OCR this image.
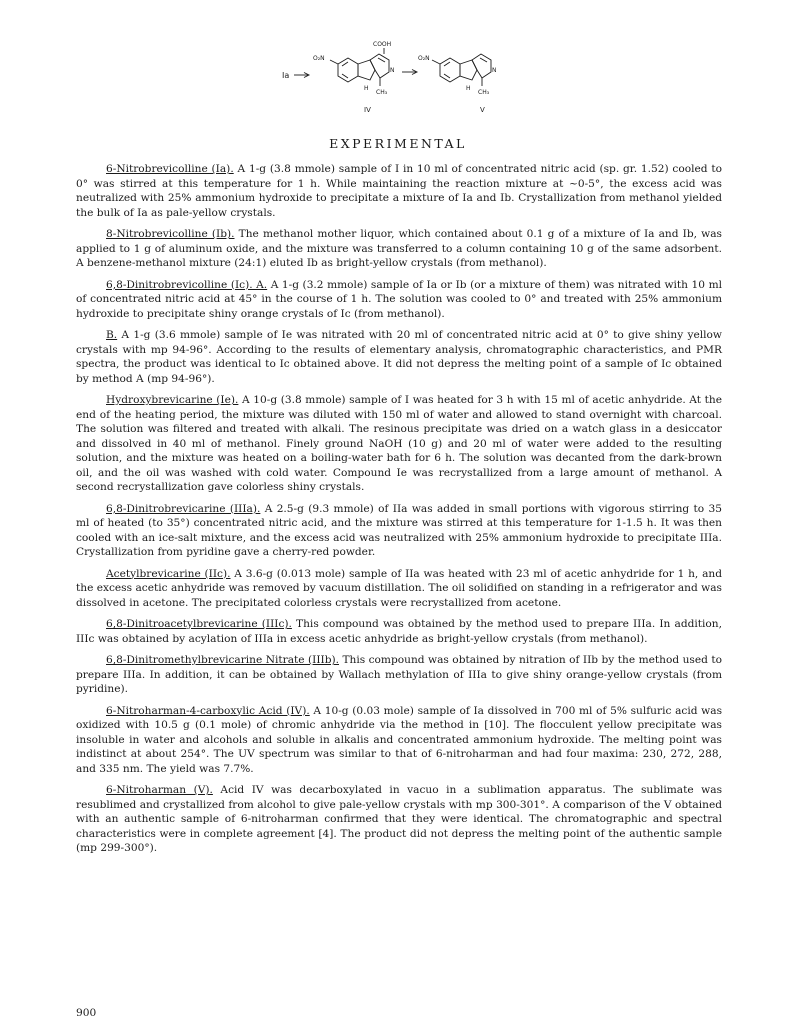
Ia
COOH
O₂N
N
H
CH₃
IV
O₂N
N
H
CH₃
V
EXPERIMENTAL

6-Nitrobrevicolline (Ia). A 1-g (3.8 mmole) sample of I in 10 ml of concentrated nitric acid (sp. gr. 1.52) cooled to 0° was stirred at this temperature for 1 h. While maintaining the reaction mixture at ~0-5°, the excess acid was neutralized with 25% ammonium hydroxide to precipitate a mixture of Ia and Ib. Crystallization from methanol yielded the bulk of Ia as pale-yellow crystals.

8-Nitrobrevicolline (Ib). The methanol mother liquor, which contained about 0.1 g of a mixture of Ia and Ib, was applied to 1 g of aluminum oxide, and the mixture was transferred to a column containing 10 g of the same adsorbent. A benzene-methanol mixture (24:1) eluted Ib as bright-yellow crystals (from methanol).

6,8-Dinitrobrevicolline (Ic). A. A 1-g (3.2 mmole) sample of Ia or Ib (or a mixture of them) was nitrated with 10 ml of concentrated nitric acid at 45° in the course of 1 h. The solution was cooled to 0° and treated with 25% ammonium hydroxide to precipitate shiny orange crystals of Ic (from methanol).

B. A 1-g (3.6 mmole) sample of Ie was nitrated with 20 ml of concentrated nitric acid at 0° to give shiny yellow crystals with mp 94-96°. According to the results of elementary analysis, chromatographic characteristics, and PMR spectra, the product was identical to Ic obtained above. It did not depress the melting point of a sample of Ic obtained by method A (mp 94-96°).

Hydroxybrevicarine (Ie). A 10-g (3.8 mmole) sample of I was heated for 3 h with 15 ml of acetic anhydride. At the end of the heating period, the mixture was diluted with 150 ml of water and allowed to stand overnight with charcoal. The solution was filtered and treated with alkali. The resinous precipitate was dried on a watch glass in a desiccator and dissolved in 40 ml of methanol. Finely ground NaOH (10 g) and 20 ml of water were added to the resulting solution, and the mixture was heated on a boiling-water bath for 6 h. The solution was decanted from the dark-brown oil, and the oil was washed with cold water. Compound Ie was recrystallized from a large amount of methanol. A second recrystallization gave colorless shiny crystals.

6,8-Dinitrobrevicarine (IIIa). A 2.5-g (9.3 mmole) of IIa was added in small portions with vigorous stirring to 35 ml of heated (to 35°) concentrated nitric acid, and the mixture was stirred at this temperature for 1-1.5 h. It was then cooled with an ice-salt mixture, and the excess acid was neutralized with 25% ammonium hydroxide to precipitate IIIa. Crystallization from pyridine gave a cherry-red powder.

Acetylbrevicarine (IIc). A 3.6-g (0.013 mole) sample of IIa was heated with 23 ml of acetic anhydride for 1 h, and the excess acetic anhydride was removed by vacuum distillation. The oil solidified on standing in a refrigerator and was dissolved in acetone. The precipitated colorless crystals were recrystallized from acetone.

6,8-Dinitroacetylbrevicarine (IIIc). This compound was obtained by the method used to prepare IIIa. In addition, IIIc was obtained by acylation of IIIa in excess acetic anhydride as bright-yellow crystals (from methanol).

6,8-Dinitromethylbrevicarine Nitrate (IIIb). This compound was obtained by nitration of IIb by the method used to prepare IIIa. In addition, it can be obtained by Wallach methylation of IIIa to give shiny orange-yellow crystals (from pyridine).

6-Nitroharman-4-carboxylic Acid (IV). A 10-g (0.03 mole) sample of Ia dissolved in 700 ml of 5% sulfuric acid was oxidized with 10.5 g (0.1 mole) of chromic anhydride via the method in [10]. The flocculent yellow precipitate was insoluble in water and alcohols and soluble in alkalis and concentrated ammonium hydroxide. The melting point was indistinct at about 254°. The UV spectrum was similar to that of 6-nitroharman and had four maxima: 230, 272, 288, and 335 nm. The yield was 7.7%.

6-Nitroharman (V). Acid IV was decarboxylated in vacuo in a sublimation apparatus. The sublimate was resublimed and crystallized from alcohol to give pale-yellow crystals with mp 300-301°. A comparison of the V obtained with an authentic sample of 6-nitroharman confirmed that they were identical. The chromatographic and spectral characteristics were in complete agreement [4]. The product did not depress the melting point of the authentic sample (mp 299-300°).

900
